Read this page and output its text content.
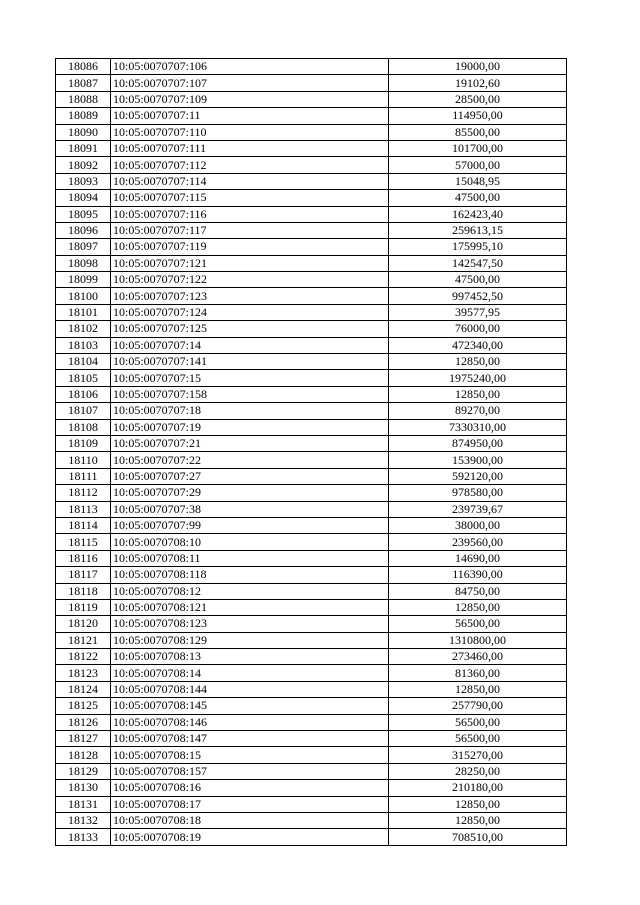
18086	10:05:0070707:106	19000,00
18087	10:05:0070707:107	19102,60
18088	10:05:0070707:109	28500,00
18089	10:05:0070707:11	114950,00
18090	10:05:0070707:110	85500,00
18091	10:05:0070707:111	101700,00
18092	10:05:0070707:112	57000,00
18093	10:05:0070707:114	15048,95
18094	10:05:0070707:115	47500,00
18095	10:05:0070707:116	162423,40
18096	10:05:0070707:117	259613,15
18097	10:05:0070707:119	175995,10
18098	10:05:0070707:121	142547,50
18099	10:05:0070707:122	47500,00
18100	10:05:0070707:123	997452,50
18101	10:05:0070707:124	39577,95
18102	10:05:0070707:125	76000,00
18103	10:05:0070707:14	472340,00
18104	10:05:0070707:141	12850,00
18105	10:05:0070707:15	1975240,00
18106	10:05:0070707:158	12850,00
18107	10:05:0070707:18	89270,00
18108	10:05:0070707:19	7330310,00
18109	10:05:0070707:21	874950,00
18110	10:05:0070707:22	153900,00
18111	10:05:0070707:27	592120,00
18112	10:05:0070707:29	978580,00
18113	10:05:0070707:38	239739,67
18114	10:05:0070707:99	38000,00
18115	10:05:0070708:10	239560,00
18116	10:05:0070708:11	14690,00
18117	10:05:0070708:118	116390,00
18118	10:05:0070708:12	84750,00
18119	10:05:0070708:121	12850,00
18120	10:05:0070708:123	56500,00
18121	10:05:0070708:129	1310800,00
18122	10:05:0070708:13	273460,00
18123	10:05:0070708:14	81360,00
18124	10:05:0070708:144	12850,00
18125	10:05:0070708:145	257790,00
18126	10:05:0070708:146	56500,00
18127	10:05:0070708:147	56500,00
18128	10:05:0070708:15	315270,00
18129	10:05:0070708:157	28250,00
18130	10:05:0070708:16	210180,00
18131	10:05:0070708:17	12850,00
18132	10:05:0070708:18	12850,00
18133	10:05:0070708:19	708510,00
